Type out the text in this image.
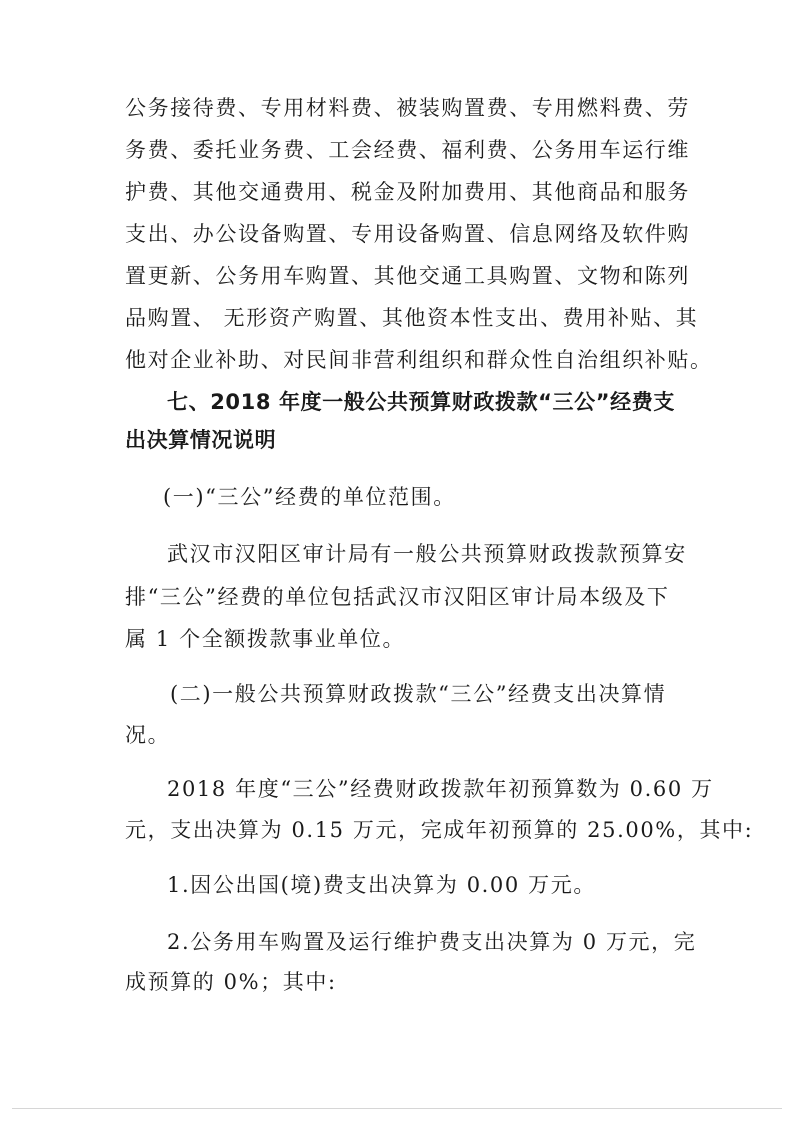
公务接待费、专用材料费、被装购置费、专用燃料费、劳
务费、委托业务费、工会经费、福利费、公务用车运行维
护费、其他交通费用、税金及附加费用、其他商品和服务
支出、办公设备购置、专用设备购置、信息网络及软件购
置更新、公务用车购置、其他交通工具购置、文物和陈列
品购置、 无形资产购置、其他资本性支出、费用补贴、其
他对企业补助、对民间非营利组织和群众性自治组织补贴。
七、2018 年度一般公共预算财政拨款“三公”经费支
出决算情况说明
(一)“三公”经费的单位范围。
武汉市汉阳区审计局有一般公共预算财政拨款预算安
排“三公”经费的单位包括武汉市汉阳区审计局本级及下
属 1 个全额拨款事业单位。
(二)一般公共预算财政拨款“三公”经费支出决算情
况。
2018 年度“三公”经费财政拨款年初预算数为 0.60 万
元，支出决算为 0.15 万元，完成年初预算的 25.00%，其中:
1.因公出国(境)费支出决算为 0.00 万元。
2.公务用车购置及运行维护费支出决算为 0 万元，完
成预算的 0%；其中:
